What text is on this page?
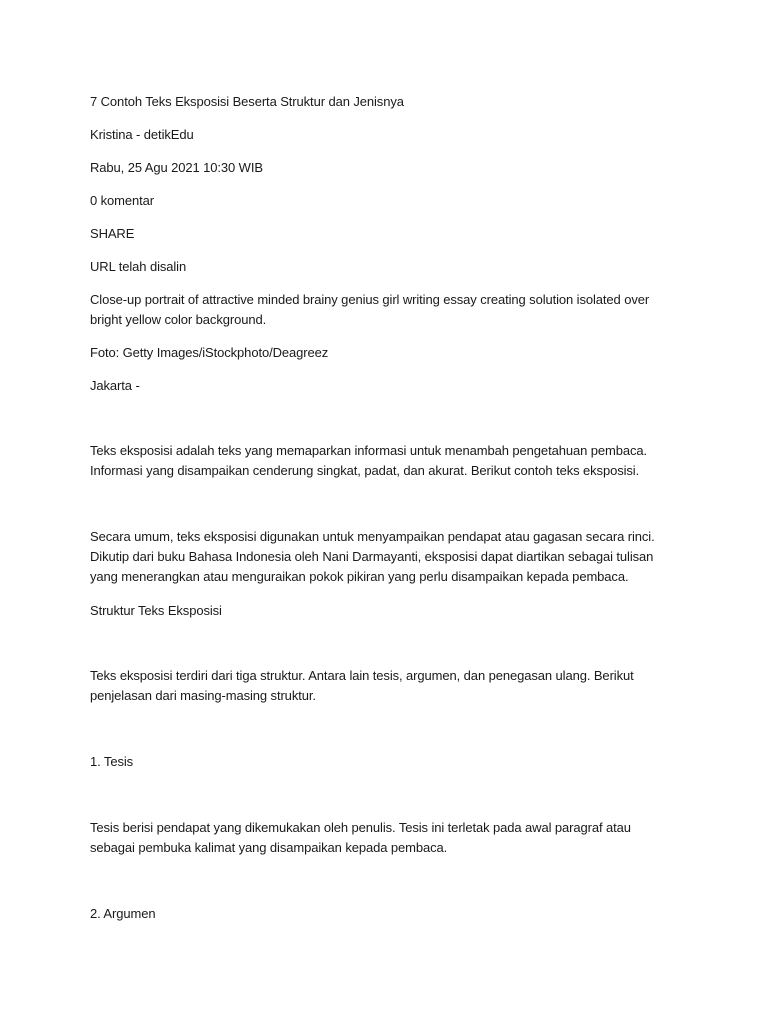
7 Contoh Teks Eksposisi Beserta Struktur dan Jenisnya

Kristina - detikEdu

Rabu, 25 Agu 2021 10:30 WIB

0 komentar

SHARE

URL telah disalin

Close-up portrait of attractive minded brainy genius girl writing essay creating solution isolated over bright yellow color background.

Foto: Getty Images/iStockphoto/Deagreez

Jakarta -

Teks eksposisi adalah teks yang memaparkan informasi untuk menambah pengetahuan pembaca. Informasi yang disampaikan cenderung singkat, padat, dan akurat. Berikut contoh teks eksposisi.

Secara umum, teks eksposisi digunakan untuk menyampaikan pendapat atau gagasan secara rinci. Dikutip dari buku Bahasa Indonesia oleh Nani Darmayanti, eksposisi dapat diartikan sebagai tulisan yang menerangkan atau menguraikan pokok pikiran yang perlu disampaikan kepada pembaca.

Struktur Teks Eksposisi

Teks eksposisi terdiri dari tiga struktur. Antara lain tesis, argumen, dan penegasan ulang. Berikut penjelasan dari masing-masing struktur.

1. Tesis

Tesis berisi pendapat yang dikemukakan oleh penulis. Tesis ini terletak pada awal paragraf atau sebagai pembuka kalimat yang disampaikan kepada pembaca.

2. Argumen
